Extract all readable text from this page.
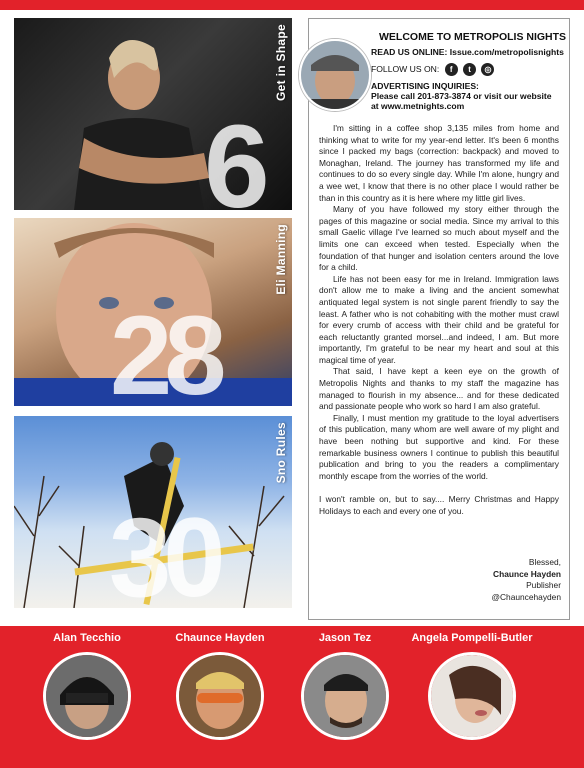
6
Get in Shape
28
Eli Manning
30
Sno Rules
WELCOME TO METROPOLIS NIGHTS
READ US ONLINE: Issue.com/metropolisnights
FOLLOW US ON: f t ◎
ADVERTISING INQUIRIES:
Please call 201-873-3874 or visit our website
at www.metnights.com

I'm sitting in a coffee shop 3,135 miles from home and thinking what to write for my year-end letter. It's been 6 months since I packed my bags (correction: backpack) and moved to Monaghan, Ireland. The journey has transformed my life and continues to do so every single day. While I'm alone, hungry and a wee wet, I know that there is no other place I would rather be than in this country as it is here where my little girl lives.

Many of you have followed my story either through the pages of this magazine or social media. Since my arrival to this small Gaelic village I've learned so much about myself and the limits one can exceed when tested. Especially when the foundation of that hunger and isolation centers around the love for a child.

Life has not been easy for me in Ireland. Immigration laws don't allow me to make a living and the ancient somewhat antiquated legal system is not single parent friendly to say the least. A father who is not cohabiting with the mother must crawl for every crumb of access with their child and be grateful for each reluctantly granted morsel...and indeed, I am. But more importantly, I'm grateful to be near my heart and soul at this magical time of year.

That said, I have kept a keen eye on the growth of Metropolis Nights and thanks to my staff the magazine has managed to flourish in my absence... and for these dedicated and passionate people who work so hard I am also grateful.

Finally, I must mention my gratitude to the loyal advertisers of this publication, many whom are well aware of my plight and have been nothing but supportive and kind. For these remarkable business owners I continue to publish this beautiful publication and bring to you the readers a complimentary monthly escape from the worries of the world.

I won't ramble on, but to say.... Merry Christmas and Happy Holidays to each and every one of you.

Blessed,
Chaunce Hayden
Publisher
@Chauncehayden
Alan Tecchio	Chaunce Hayden	Jason Tez	Angela Pompelli-Butler
